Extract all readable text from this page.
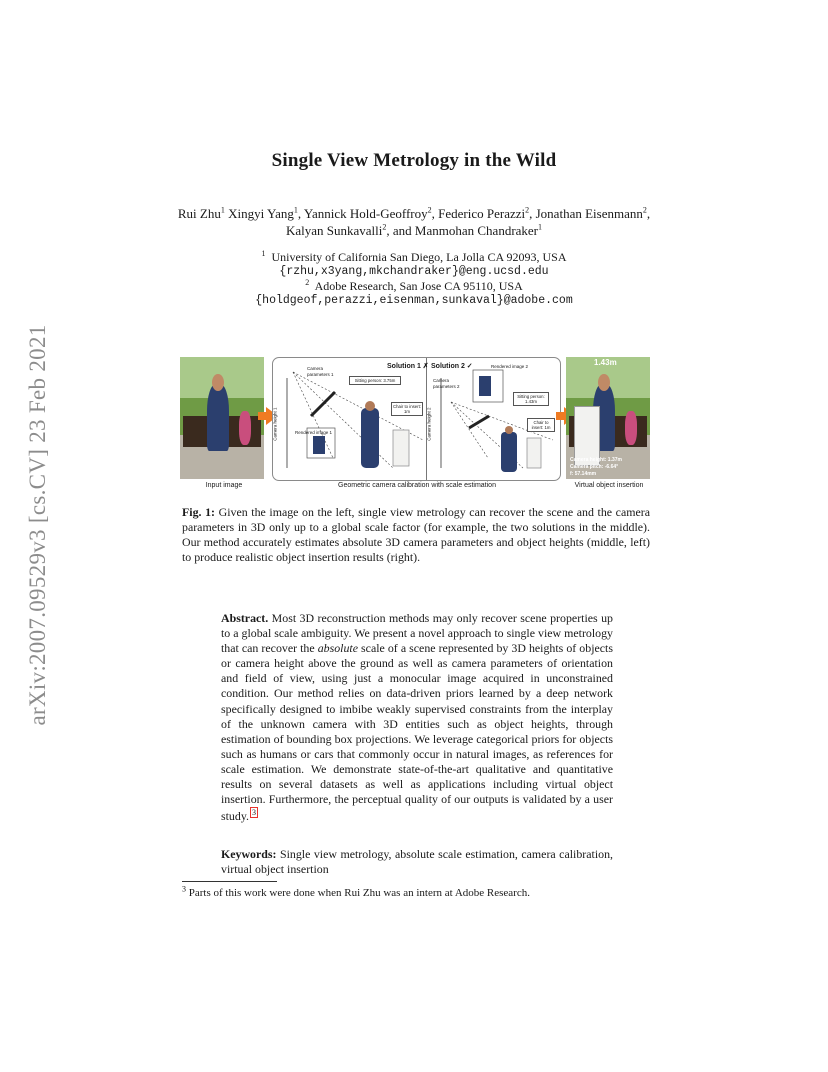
arXiv:2007.09529v3 [cs.CV] 23 Feb 2021
Single View Metrology in the Wild
Rui Zhu$^1$ Xingyi Yang$^1$, Yannick Hold-Geoffroy$^2$, Federico Perazzi$^2$, Jonathan Eisenmann$^2$, Kalyan Sunkavalli$^2$, and Manmohan Chandraker$^1$
$^1$ University of California San Diego, La Jolla CA 92093, USA
{rzhu,x3yang,mkchandraker}@eng.ucsd.edu
$^2$ Adobe Research, San Jose CA 95110, USA
{holdgeof,perazzi,eisenman,sunkaval}@adobe.com
Solution 1 ✗ Solution 2 ✓
Camera parameters 1
Camera parameters 2
Rendered image 1
Rendered image 2
Sitting person: 3.75m
Sitting person: 1.43m
Chair to insert: 1m
Chair to insert: 1m
Camera height 1	Camera height 2
1.43m
Camera height: 1.37m
Camera pitch: -6.64°
f: 57.14mm
Input image	Geometric camera calibration with scale estimation	Virtual object insertion
Fig. 1: Given the image on the left, single view metrology can recover the scene and the camera parameters in 3D only up to a global scale factor (for example, the two solutions in the middle). Our method accurately estimates absolute 3D camera parameters and object heights (middle, left) to produce realistic object insertion results (right).
Abstract. Most 3D reconstruction methods may only recover scene properties up to a global scale ambiguity. We present a novel approach to single view metrology that can recover the absolute scale of a scene represented by 3D heights of objects or camera height above the ground as well as camera parameters of orientation and field of view, using just a monocular image acquired in unconstrained condition. Our method relies on data-driven priors learned by a deep network specifically designed to imbibe weakly supervised constraints from the interplay of the unknown camera with 3D entities such as object heights, through estimation of bounding box projections. We leverage categorical priors for objects such as humans or cars that commonly occur in natural images, as references for scale estimation. We demonstrate state-of-the-art qualitative and quantitative results on several datasets as well as applications including virtual object insertion. Furthermore, the perceptual quality of our outputs is validated by a user study. 3
Keywords: Single view metrology, absolute scale estimation, camera calibration, virtual object insertion
$^3$ Parts of this work were done when Rui Zhu was an intern at Adobe Research.
